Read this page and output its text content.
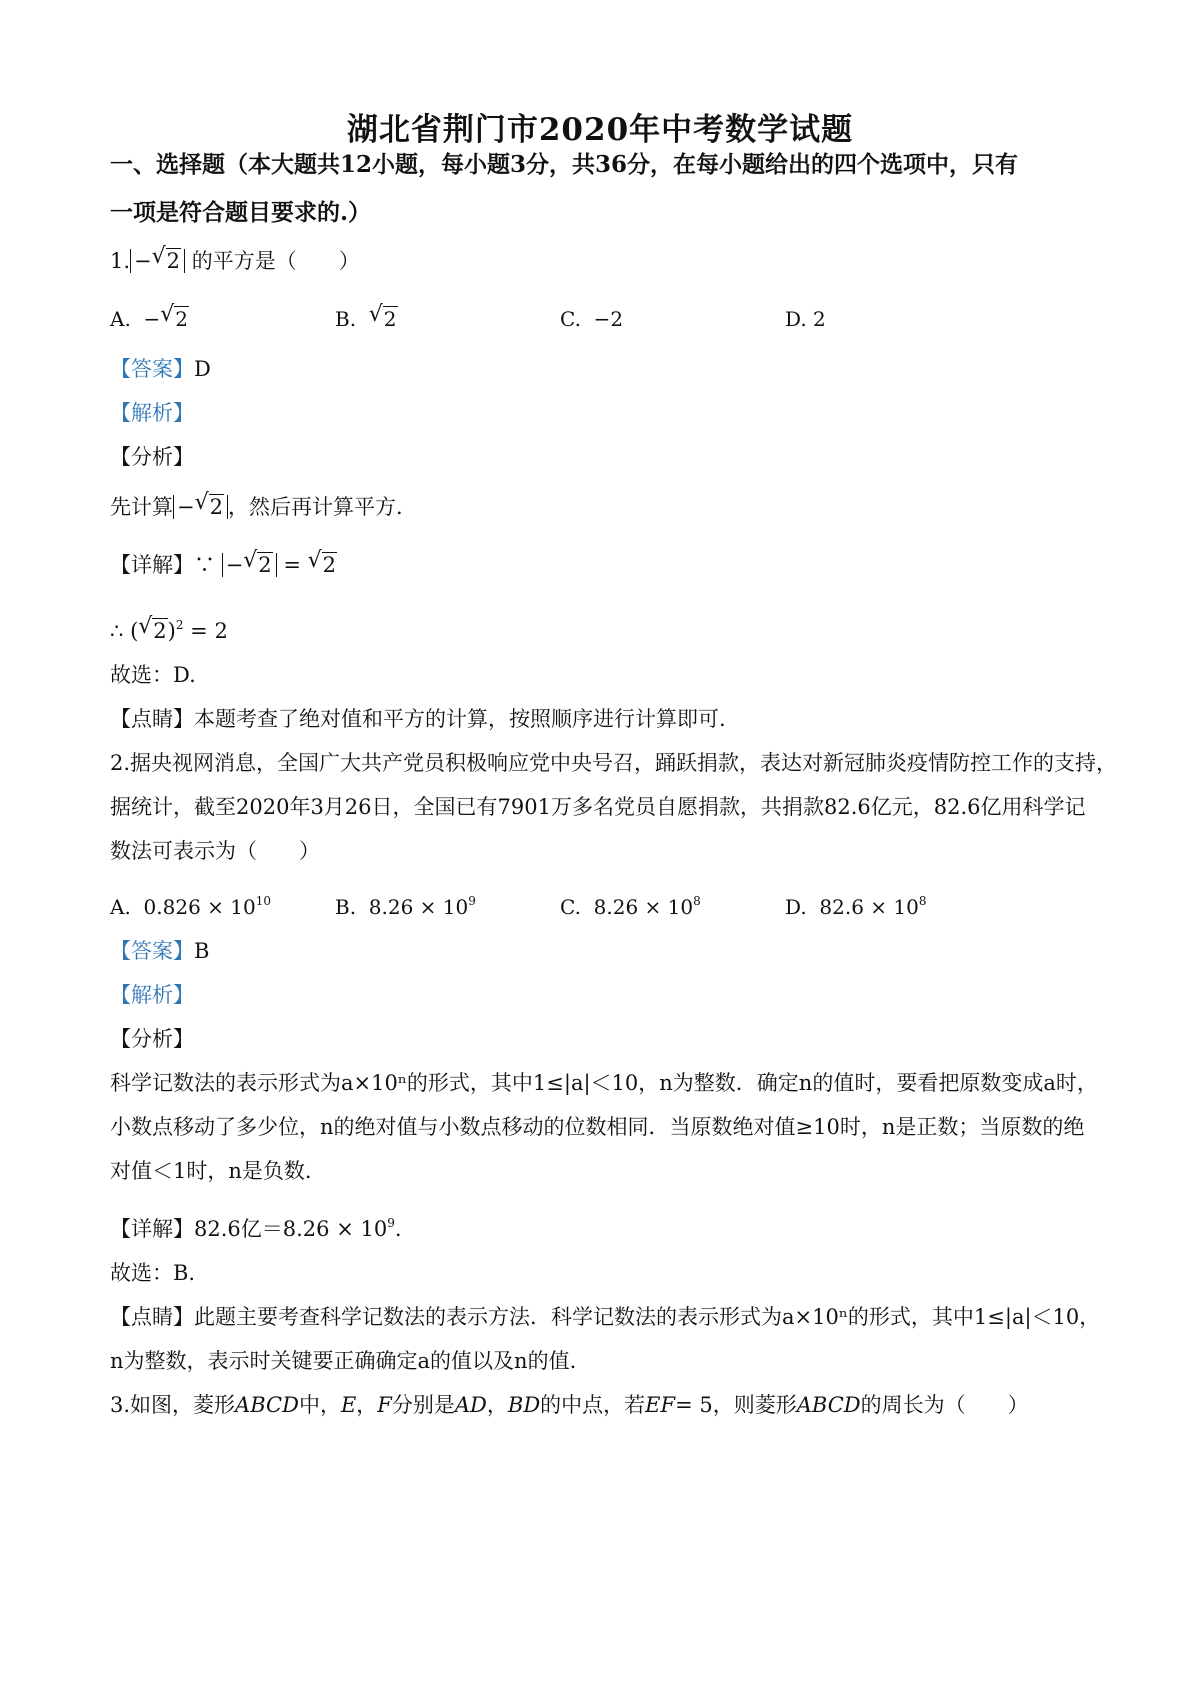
湖北省荆门市2020年中考数学试题
一、选择题（本大题共12小题，每小题3分，共36分，在每小题给出的四个选项中，只有
一项是符合题目要求的.）
1. − √ 2 的平方是（　　）
A. − √ 2	B. √ 2	C. −2	D. 2
【答案】D
【解析】
【分析】
先计算 − √ 2 ，然后再计算平方.
【详解】∵ − √ 2 = √ 2
∴ ( √ 2)$^2$ = 2
故选：D.
【点睛】本题考查了绝对值和平方的计算，按照顺序进行计算即可.
2.据央视网消息，全国广大共产党员积极响应党中央号召，踊跃捐款，表达对新冠肺炎疫情防控工作的支持，
据统计，截至2020年3月26日，全国已有7901万多名党员自愿捐款，共捐款82.6亿元，82.6亿用科学记
数法可表示为（　　）
A. $0.826 \times 10^{10}$	B. $8.26 \times 10^9$	C. $8.26 \times 10^8$	D. $82.6 \times 10^8$
【答案】B
【解析】
【分析】
科学记数法的表示形式为a×10ⁿ的形式，其中1≤|a|＜10，n为整数．确定n的值时，要看把原数变成a时，
小数点移动了多少位，n的绝对值与小数点移动的位数相同．当原数绝对值≥10时，n是正数；当原数的绝
对值＜1时，n是负数.
【详解】82.6亿$=8.26 \times 10^9$.
故选：B.
【点睛】此题主要考查科学记数法的表示方法．科学记数法的表示形式为a×10ⁿ的形式，其中1≤|a|＜10，
n为整数，表示时关键要正确确定a的值以及n的值.
3.如图，菱形ABCD中，E，F分别是AD，BD的中点，若EF= 5，则菱形ABCD的周长为（　　）
